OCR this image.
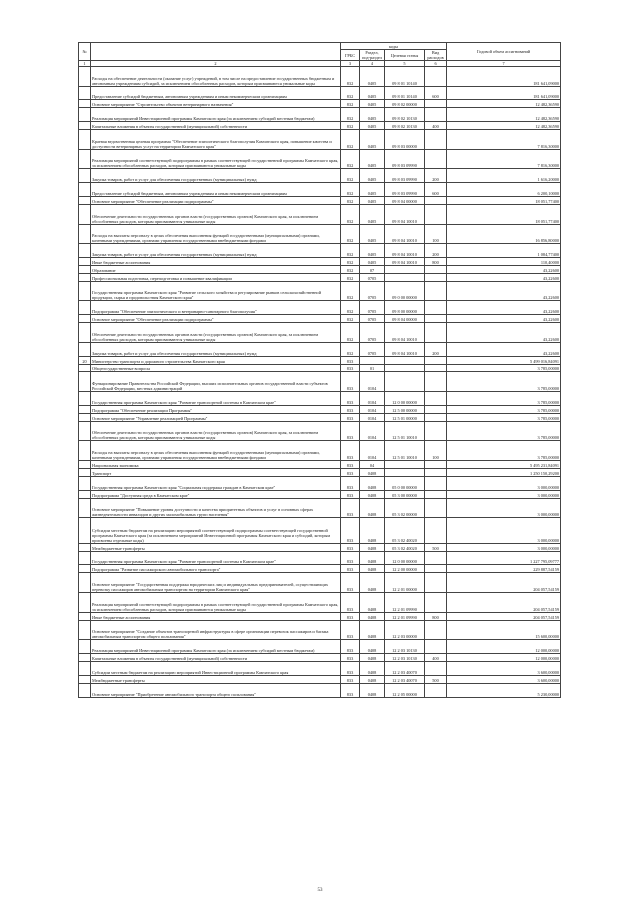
№		коды				Годовой объем ассигнований
		ГРБС	Раздел, под-раздел	Целевая статья	Вид расходов	
1	2	3	4	5	6	7
	Расходы на обеспечение деятельности (оказание услуг) учреждений, в том числе на предоставление государственных бюджетным и автономным учреждениям субсидий, за исключением обособленных расходов, которым присваиваются уникальные коды	832	0405	09 8 01 10140		181 641,09000
	Предоставление субсидий бюджетным, автономным учреждениям и иным некоммерческим организациям	832	0405	09 8 01 10140	600	181 641,09000
	Основное мероприятие "Строительство объектов ветеринарного назначения"	832	0405	09 8 02 00000		12 482,36590
	Реализация мероприятий Инвестиционной программы Камчатского края (за исключением субсидий местным бюджетам)	832	0405	09 8 02 10130		12 482,36590
	Капитальные вложения в объекты государственной (муниципальной) собственности	832	0405	09 8 02 10130	400	12 482,36590
	Краевая ведомственная целевая программа "Обеспечение эпизоотического благополучия Камчатского края, повышение качества и доступности ветеринарных услуг на территории Камчатского края"	832	0405	09 8 03 00000		7 816,30000
	Реализация мероприятий соответствующей подпрограммы в рамках соответствующей государственной программы Камчатского края, за исключением обособленных расходов, которым присваиваются уникальные коды	832	0405	09 8 03 09990		7 816,30000
	Закупка товаров, работ и услуг для обеспечения государственных (муниципальных) нужд	832	0405	09 8 03 09990	200	1 616,20000
	Предоставление субсидий бюджетным, автономным учреждениям и иным некоммерческим организациям	832	0405	09 8 03 09990	600	6 200,10000
	Основное мероприятие "Обеспечение реализации подпрограммы"	832	0405	09 8 04 00000		18 051,77400
	Обеспечение деятельности государственных органов власти (государственных органов) Камчатского края, за исключением обособленных расходов, которым присваиваются уникальные коды	832	0405	09 8 04 10010		18 051,77400
	Расходы на выплаты персоналу в целях обеспечения выполнения функций государственными (муниципальными) органами, казенными учреждениями, органами управления государственными внебюджетными фондами	832	0405	09 8 04 10010	100	16 856,80000
	Закупка товаров, работ и услуг для обеспечения государственных (муниципальных) нужд	832	0405	09 8 04 10010	200	1 084,77400
	Иные бюджетные ассигнования	832	0405	09 8 04 10010	800	110,40000
	Образование	832	07			43,22600
	Профессиональная подготовка, переподготовка и повышение квалификации	832	0705			43,22600
	Государственная программа Камчатского края "Развитие сельского хозяйства и регулирование рынков сельскохозяйственной продукции, сырья и продовольствия Камчатского края"	832	0705	09 0 00 00000		43,22600
	Подпрограмма "Обеспечение эпизоотического и ветеринарно-санитарного благополучия"	832	0705	09 8 00 00000		43,22600
	Основное мероприятие "Обеспечение реализации подпрограммы"	832	0705	09 8 04 00000		43,22600
	Обеспечение деятельности государственных органов власти (государственных органов) Камчатского края, за исключением обособленных расходов, которым присваиваются уникальные коды	832	0705	09 8 04 10010		43,22600
	Закупка товаров, работ и услуг для обеспечения государственных (муниципальных) нужд	832	0705	09 8 04 10010	200	43,22600
20	Министерство транспорта и дорожного строительства Камчатского края	833				5 499 016,84091
	Общегосударственные вопросы	833	01			3 785,00000
	Функционирование Правительства Российской Федерации, высших исполнительных органов государственной власти субъектов Российской Федерации, местных администраций	833	0104			3 785,00000
	Государственная программа Камчатского края "Развитие транспортной системы в Камчатском крае"	833	0104	12 0 00 00000		3 785,00000
	Подпрограмма "Обеспечение реализации Программы"	833	0104	12 5 00 00000		3 785,00000
	Основное мероприятие "Управление реализацией Программы"	833	0104	12 5 01 00000		3 785,00000
	Обеспечение деятельности государственных органов власти (государственных органов) Камчатского края, за исключением обособленных расходов, которым присваиваются уникальные коды	833	0104	12 5 01 10010		3 785,00000
	Расходы на выплаты персоналу в целях обеспечения выполнения функций государственными (муниципальными) органами, казенными учреждениями, органами управления государственными внебюджетными фондами	833	0104	12 5 01 10010	100	3 785,00000
	Национальная экономика	833	04			5 495 231,84091
	Транспорт	833	0408			1 250 150,29200
	Государственная программа Камчатского края "Социальная поддержка граждан в Камчатском крае"	833	0408	05 0 00 00000		3 000,00000
	Подпрограмма "Доступная среда в Камчатском крае"	833	0408	05 3 00 00000		3 000,00000
	Основное мероприятие "Повышение уровня доступности и качества приоритетных объектов и услуг в основных сферах жизнедеятельности инвалидов и других маломобильных групп населения"	833	0408	05 3 02 00000		3 000,00000
	Субсидии местным бюджетам на реализацию мероприятий соответствующей подпрограммы соответствующей государственной программы Камчатского края (за исключением мероприятий Инвестиционной программы Камчатского края и субсидий, которым присвоены отдельные коды)	833	0408	05 3 02 40020		3 000,00000
	Межбюджетные трансферты	833	0408	05 3 02 40020	500	3 000,00000
	Государственная программа Камчатского края "Развитие транспортной системы в Камчатском крае"	833	0408	12 0 00 00000		1 227 795,09777
	Подпрограмма "Развитие пассажирского автомобильного транспорта"	833	0408	12 2 00 00000		229 887,54159
	Основное мероприятие "Государственная поддержка юридических лиц и индивидуальных предпринимателей, осуществляющих перевозку пассажиров автомобильным транспортом на территории Камчатского края"	833	0408	12 2 01 00000		204 057,54159
	Реализация мероприятий соответствующей подпрограммы в рамках соответствующей государственной программы Камчатского края, за исключением обособленных расходов, которым присваиваются уникальные коды	833	0408	12 2 01 09990		204 057,54159
	Иные бюджетные ассигнования	833	0408	12 2 01 09990	800	204 057,54159
	Основное мероприятие "Создание объектов транспортной инфраструктуры в сфере организации перевозок пассажиров и багажа автомобильным транспортом общего пользования"	833	0408	12 2 03 00000		15 600,00000
	Реализация мероприятий Инвестиционной программы Камчатского края (за исключением субсидий местным бюджетам)	833	0408	12 2 03 10130		12 000,00000
	Капитальные вложения в объекты государственной (муниципальной) собственности	833	0408	12 2 03 10130	400	12 000,00000
	Субсидии местным бюджетам на реализацию мероприятий Инвестиционной программы Камчатского края	833	0408	12 2 03 40070		3 600,00000
	Межбюджетные трансферты	833	0408	12 2 03 40070	500	3 600,00000
	Основное мероприятие "Приобретение автомобильного транспорта общего пользования"	833	0408	12 2 05 00000		5 230,00000
53
